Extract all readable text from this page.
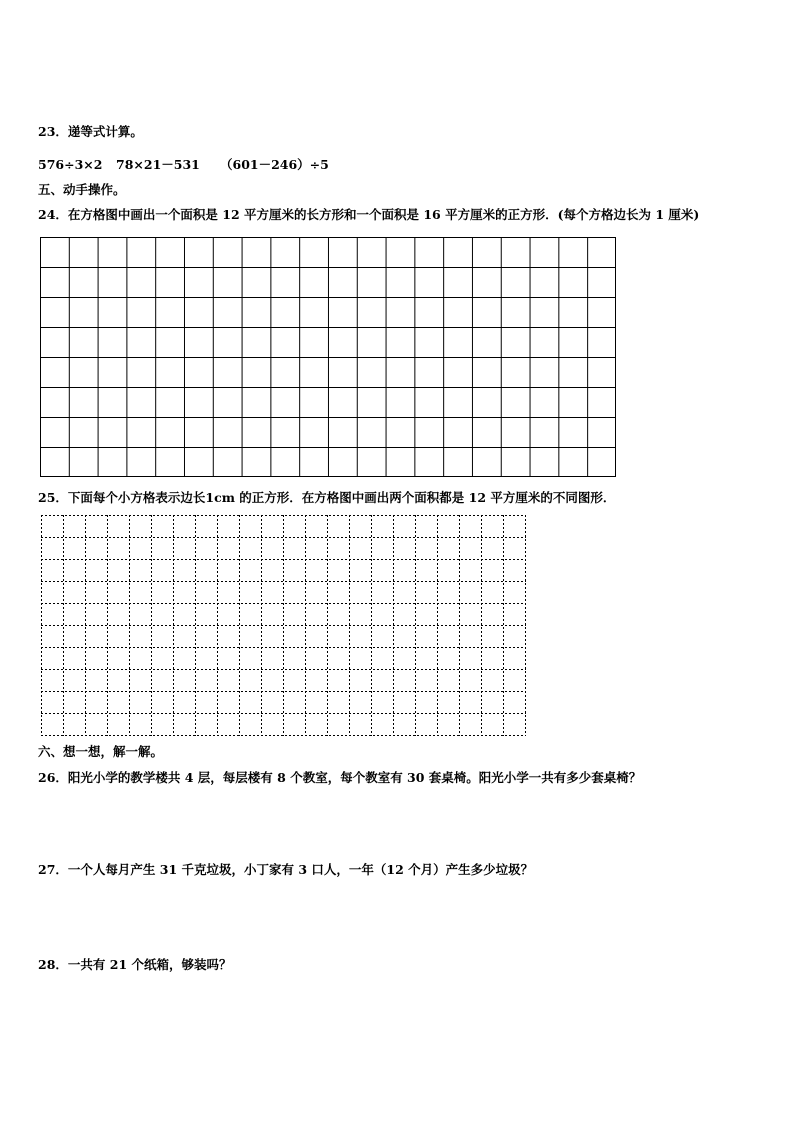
23．递等式计算。
576÷3×2 78×21－531 （601－246）÷5
五、动手操作。
24．在方格图中画出一个面积是 12 平方厘米的长方形和一个面积是 16 平方厘米的正方形．(每个方格边长为 1 厘米)
25．下面每个小方格表示边长1cm 的正方形．在方格图中画出两个面积都是 12 平方厘米的不同图形．
六、想一想，解一解。
26．阳光小学的教学楼共 4 层，每层楼有 8 个教室，每个教室有 30 套桌椅。阳光小学一共有多少套桌椅？
27．一个人每月产生 31 千克垃圾，小丁家有 3 口人，一年（12 个月）产生多少垃圾？
28．一共有 21 个纸箱，够装吗？
